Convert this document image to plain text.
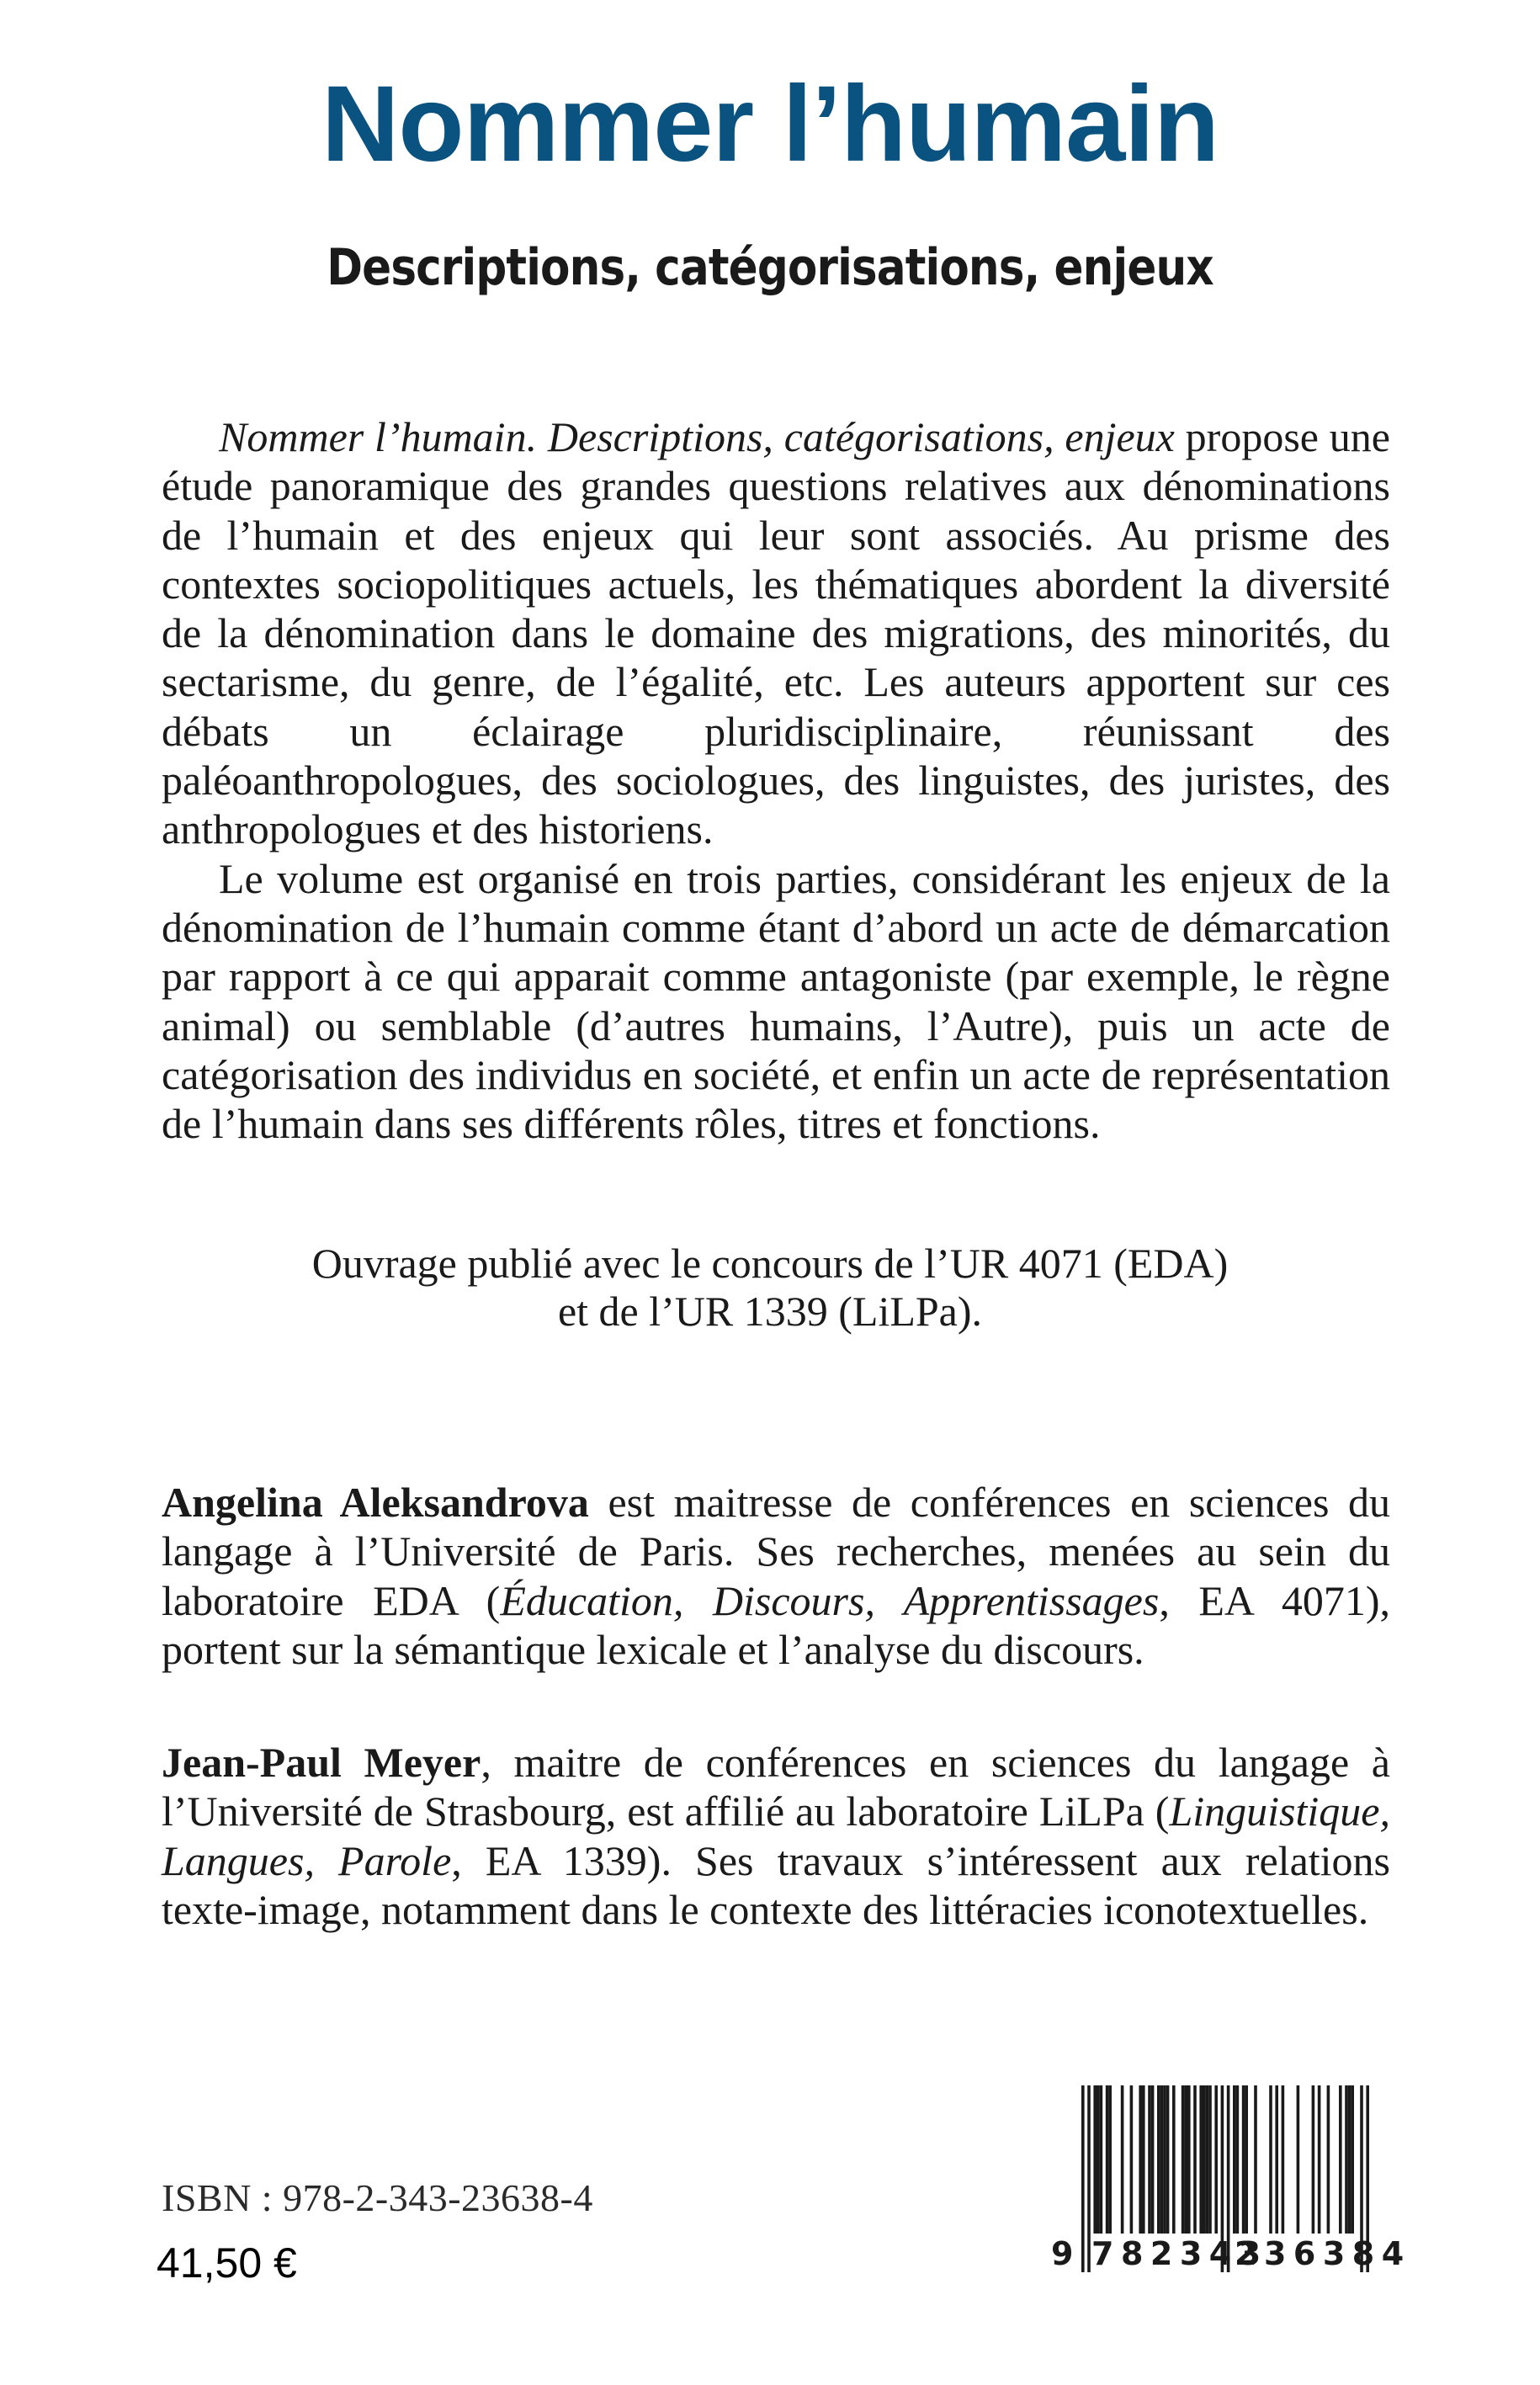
Nommer l’humain
Descriptions, catégorisations, enjeux

Nommer l’humain. Descriptions, catégorisations, enjeux propose une étude panoramique des grandes questions relatives aux dénominations de l’humain et des enjeux qui leur sont associés. Au prisme des contextes sociopolitiques actuels, les thématiques abordent la diversité de la dénomination dans le domaine des migrations, des minorités, du sectarisme, du genre, de l’égalité, etc. Les auteurs apportent sur ces débats un éclairage pluridisciplinaire, réunissant des paléoanthropologues, des sociologues, des linguistes, des juristes, des anthropologues et des historiens.

Le volume est organisé en trois parties, considérant les enjeux de la dénomination de l’humain comme étant d’abord un acte de démarcation par rapport à ce qui apparait comme antagoniste (par exemple, le règne animal) ou semblable (d’autres humains, l’Autre), puis un acte de catégorisation des individus en société, et enfin un acte de représentation de l’humain dans ses différents rôles, titres et fonctions.

Ouvrage publié avec le concours de l’UR 4071 (EDA)
et de l’UR 1339 (LiLPa).

Angelina Aleksandrova est maitresse de conférences en sciences du langage à l’Université de Paris. Ses recherches, menées au sein du laboratoire EDA (Éducation, Discours, Apprentissages, EA 4071), portent sur la sémantique lexicale et l’analyse du discours.

Jean-Paul Meyer, maitre de conférences en sciences du langage à l’Université de Strasbourg, est affilié au laboratoire LiLPa (Linguistique, Langues, Parole, EA 1339). Ses travaux s’intéressent aux relations texte-image, notamment dans le contexte des littéracies iconotextuelles.

ISBN : 978-2-343-23638-4
41,50 €	9 782343
236384
